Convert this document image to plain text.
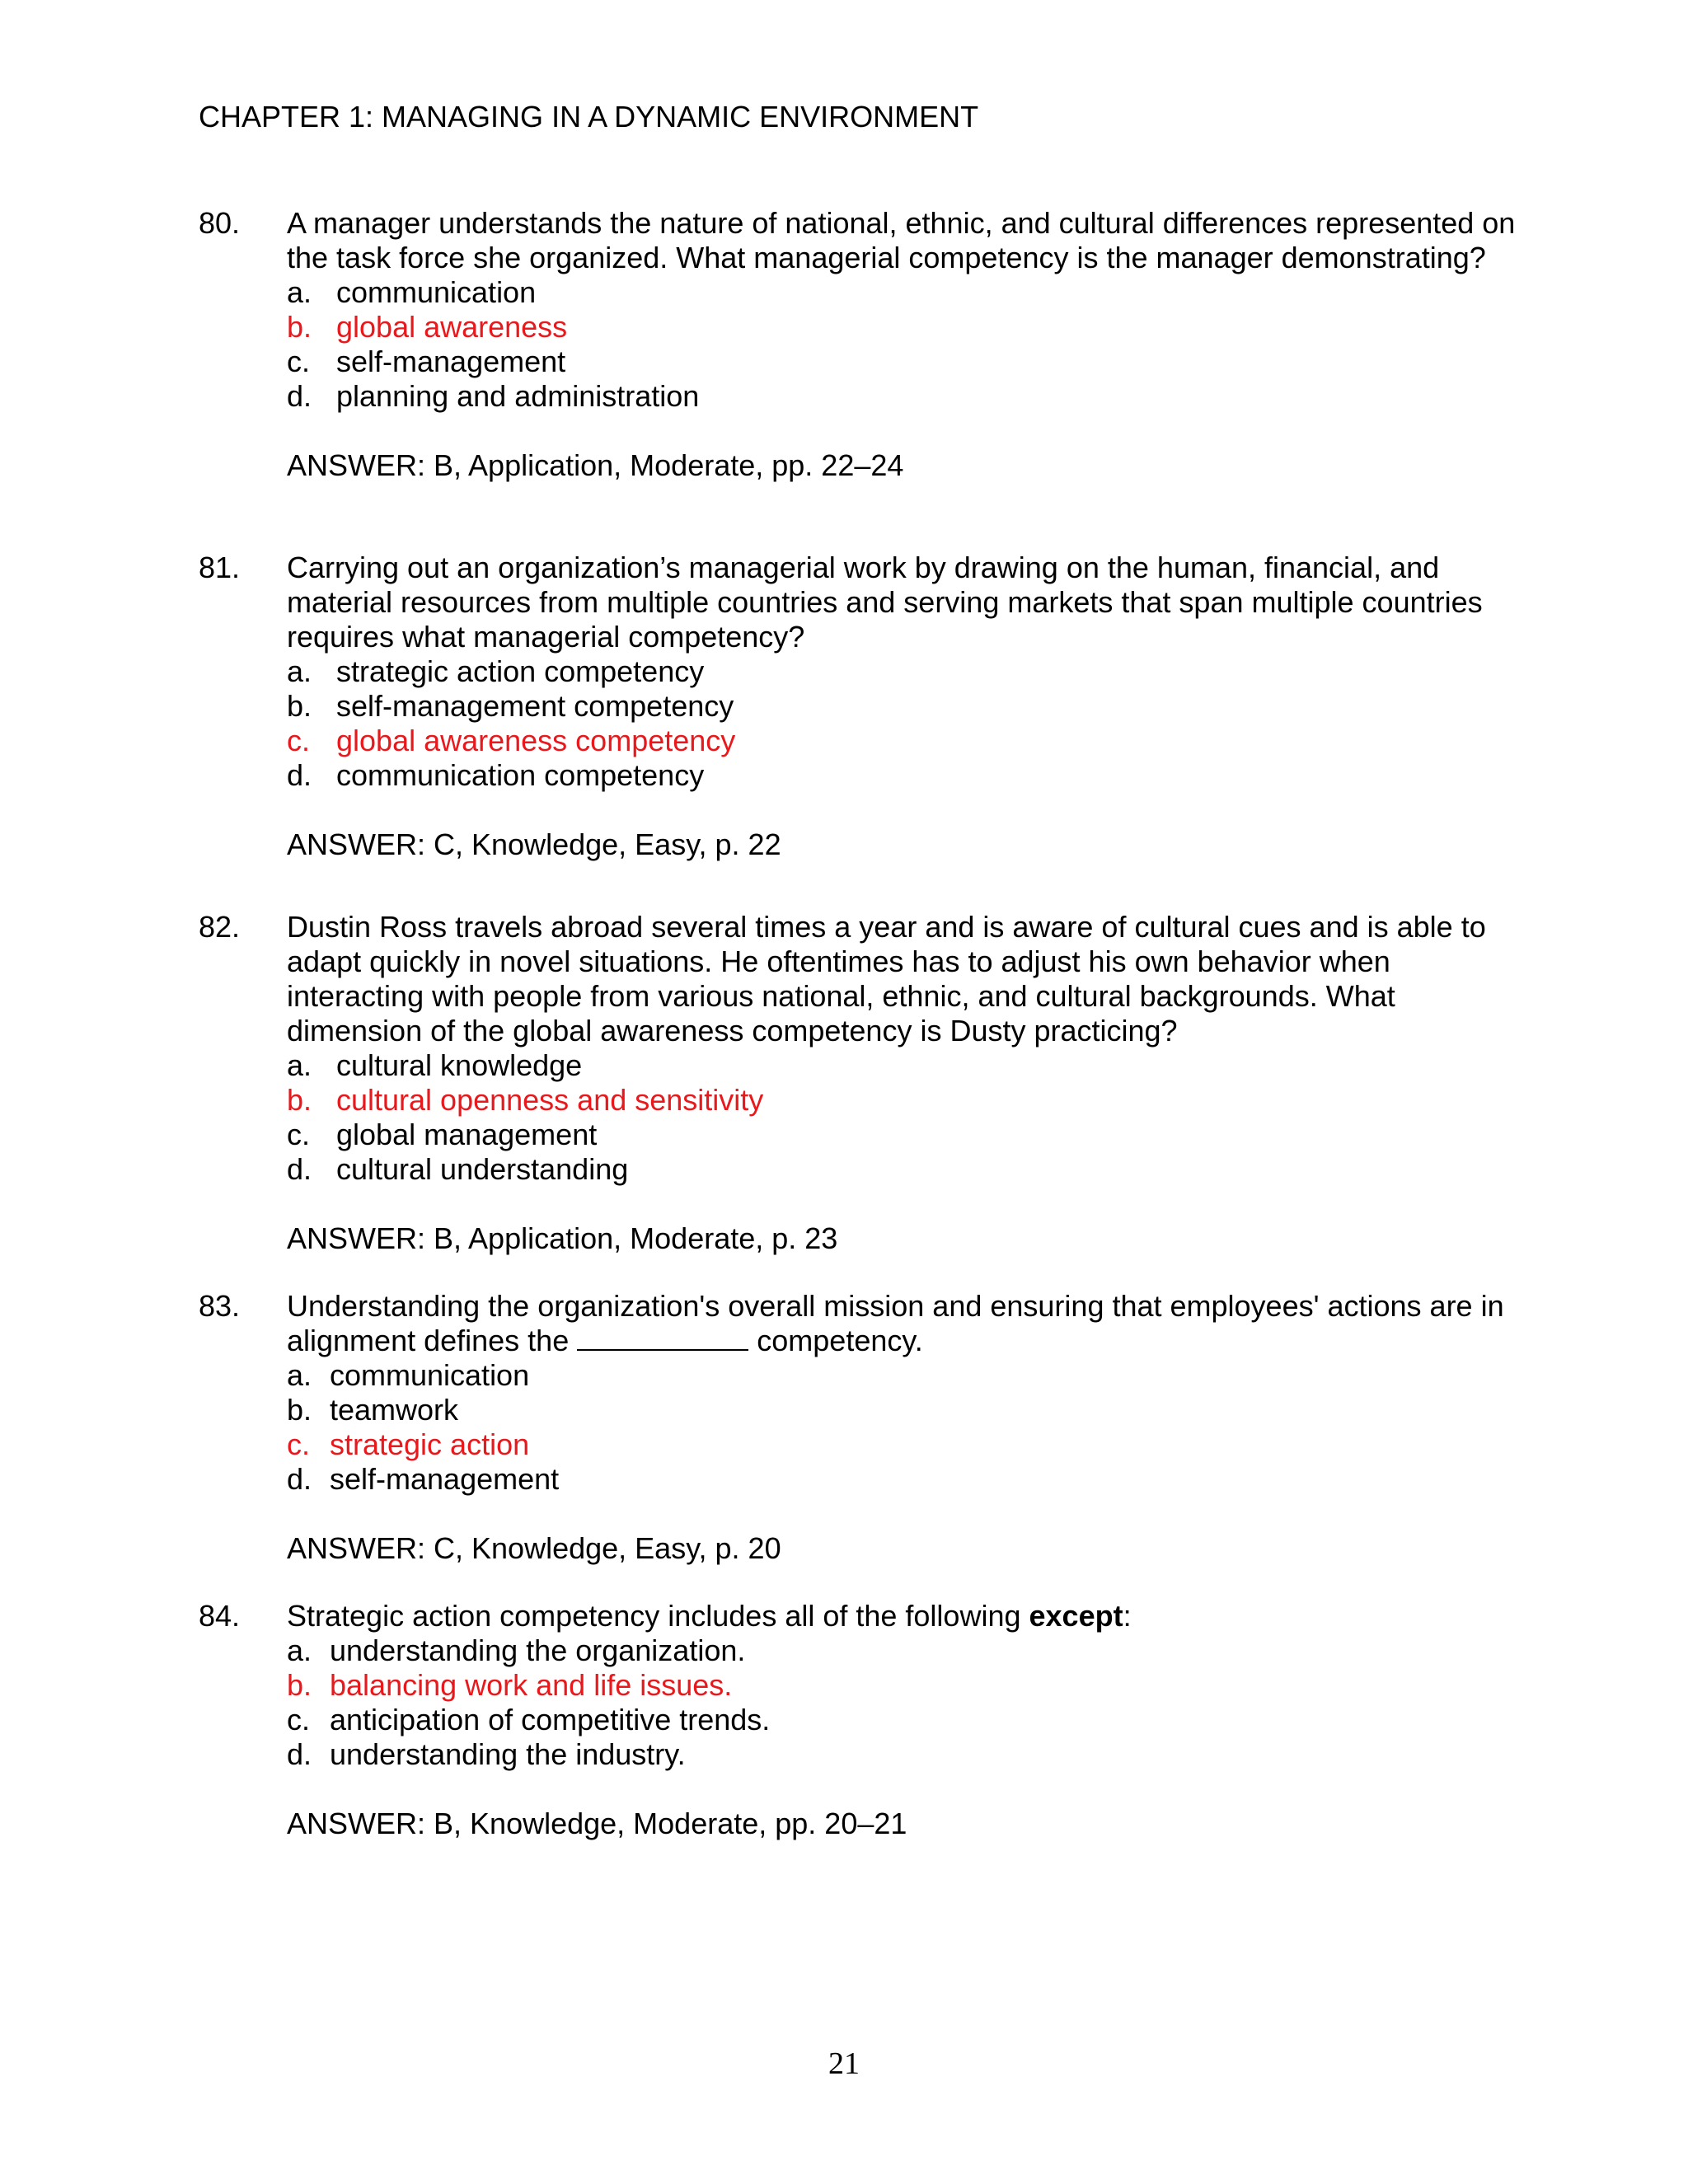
CHAPTER 1: MANAGING IN A DYNAMIC ENVIRONMENT
80.	A manager understands the nature of national, ethnic, and cultural differences represented on the task force she organized. What managerial competency is the manager demonstrating?
a. communication
b. global awareness
c. self-management
d. planning and administration
ANSWER: B, Application, Moderate, pp. 22–24
81.	Carrying out an organization’s managerial work by drawing on the human, financial, and material resources from multiple countries and serving markets that span multiple countries requires what managerial competency?
a. strategic action competency
b. self-management competency
c. global awareness competency
d. communication competency
ANSWER: C, Knowledge, Easy, p. 22
82.	Dustin Ross travels abroad several times a year and is aware of cultural cues and is able to adapt quickly in novel situations. He oftentimes has to adjust his own behavior when interacting with people from various national, ethnic, and cultural backgrounds. What dimension of the global awareness competency is Dusty practicing?
a. cultural knowledge
b. cultural openness and sensitivity
c. global management
d. cultural understanding
ANSWER: B, Application, Moderate, p. 23
83.	Understanding the organization's overall mission and ensuring that employees' actions are in alignment defines the	competency.
a. communication
b. teamwork
c. strategic action
d. self-management
ANSWER: C, Knowledge, Easy, p. 20
84.	Strategic action competency includes all of the following except:
a. understanding the organization.
b. balancing work and life issues.
c. anticipation of competitive trends.
d. understanding the industry.
ANSWER: B, Knowledge, Moderate, pp. 20–21
21
